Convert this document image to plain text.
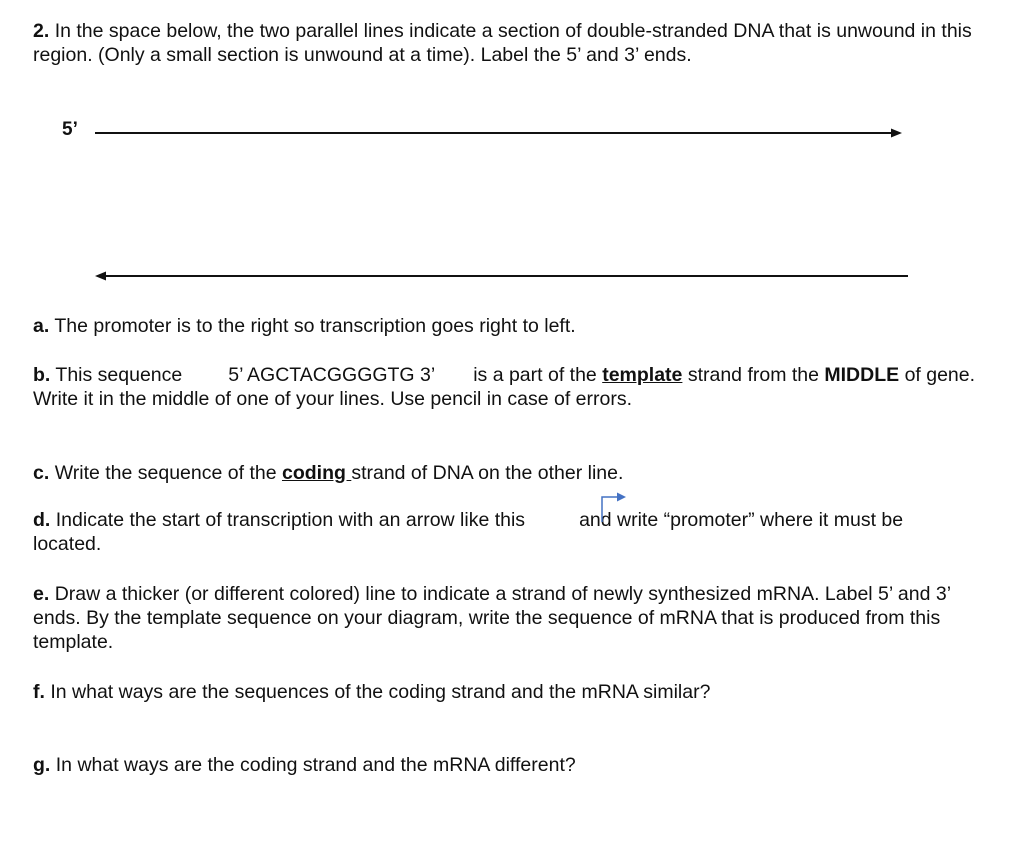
2. In the space below, the two parallel lines indicate a section of double-stranded DNA that is unwound in this region. (Only a small section is unwound at a time). Label the 5’ and 3’ ends.

5’

a. The promoter is to the right so transcription goes right to left.

b. This sequence 5’ AGCTACGGGGTG 3’ is a part of the template strand from the MIDDLE of gene. Write it in the middle of one of your lines. Use pencil in case of errors.

c. Write the sequence of the coding strand of DNA on the other line.

d. Indicate the start of transcription with an arrow like this	and write “promoter” where it must be
located.

e. Draw a thicker (or different colored) line to indicate a strand of newly synthesized mRNA. Label 5’ and 3’ ends. By the template sequence on your diagram, write the sequence of mRNA that is produced from this template.

f. In what ways are the sequences of the coding strand and the mRNA similar?

g. In what ways are the coding strand and the mRNA different?
